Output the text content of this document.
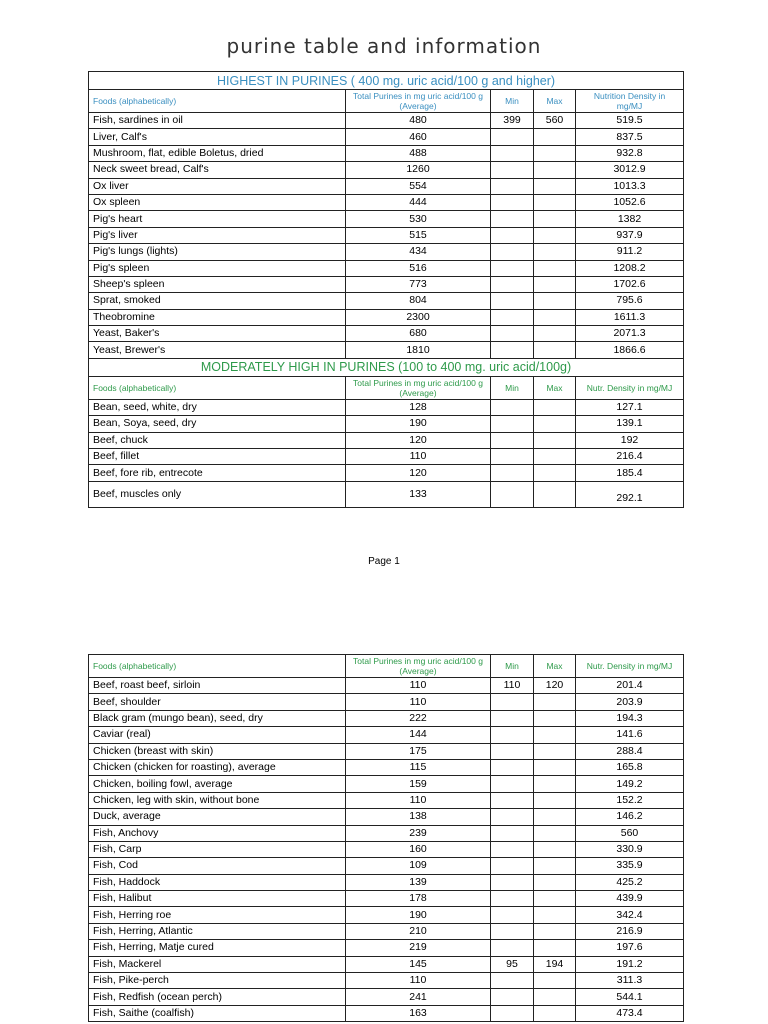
purine table and information
HIGHEST IN PURINES ( 400 mg. uric acid/100 g and higher)				
Foods (alphabetically)	Total Purines in mg uric acid/100 g (Average)	Min	Max	Nutrition Density in mg/MJ
Fish, sardines in oil	480	399	560	519.5
Liver, Calf's	460			837.5
Mushroom, flat, edible Boletus, dried	488			932.8
Neck sweet bread, Calf's	1260			3012.9
Ox liver	554			1013.3
Ox spleen	444			1052.6
Pig's heart	530			1382
Pig's liver	515			937.9
Pig's lungs (lights)	434			911.2
Pig's spleen	516			1208.2
Sheep's spleen	773			1702.6
Sprat, smoked	804			795.6
Theobromine	2300			1611.3
Yeast, Baker's	680			2071.3
Yeast, Brewer's	1810			1866.6
MODERATELY HIGH IN PURINES (100 to 400 mg. uric acid/100g)				
Foods (alphabetically)	Total Purines in mg uric acid/100 g (Average)	Min	Max	Nutr. Density in mg/MJ
Bean, seed, white, dry	128			127.1
Bean, Soya, seed, dry	190			139.1
Beef, chuck	120			192
Beef, fillet	110			216.4
Beef, fore rib, entrecote	120			185.4
Beef, muscles only	133			292.1
Page 1
Foods (alphabetically)	Total Purines in mg uric acid/100 g (Average)	Min	Max	Nutr. Density in mg/MJ
Beef, roast beef, sirloin	110	110	120	201.4
Beef, shoulder	110			203.9
Black gram (mungo bean), seed, dry	222			194.3
Caviar (real)	144			141.6
Chicken (breast with skin)	175			288.4
Chicken (chicken for roasting), average	115			165.8
Chicken, boiling fowl, average	159			149.2
Chicken, leg with skin, without bone	110			152.2
Duck, average	138			146.2
Fish, Anchovy	239			560
Fish, Carp	160			330.9
Fish, Cod	109			335.9
Fish, Haddock	139			425.2
Fish, Halibut	178			439.9
Fish, Herring roe	190			342.4
Fish, Herring, Atlantic	210			216.9
Fish, Herring, Matje cured	219			197.6
Fish, Mackerel	145	95	194	191.2
Fish, Pike-perch	110			311.3
Fish, Redfish (ocean perch)	241			544.1
Fish, Saithe (coalfish)	163			473.4
